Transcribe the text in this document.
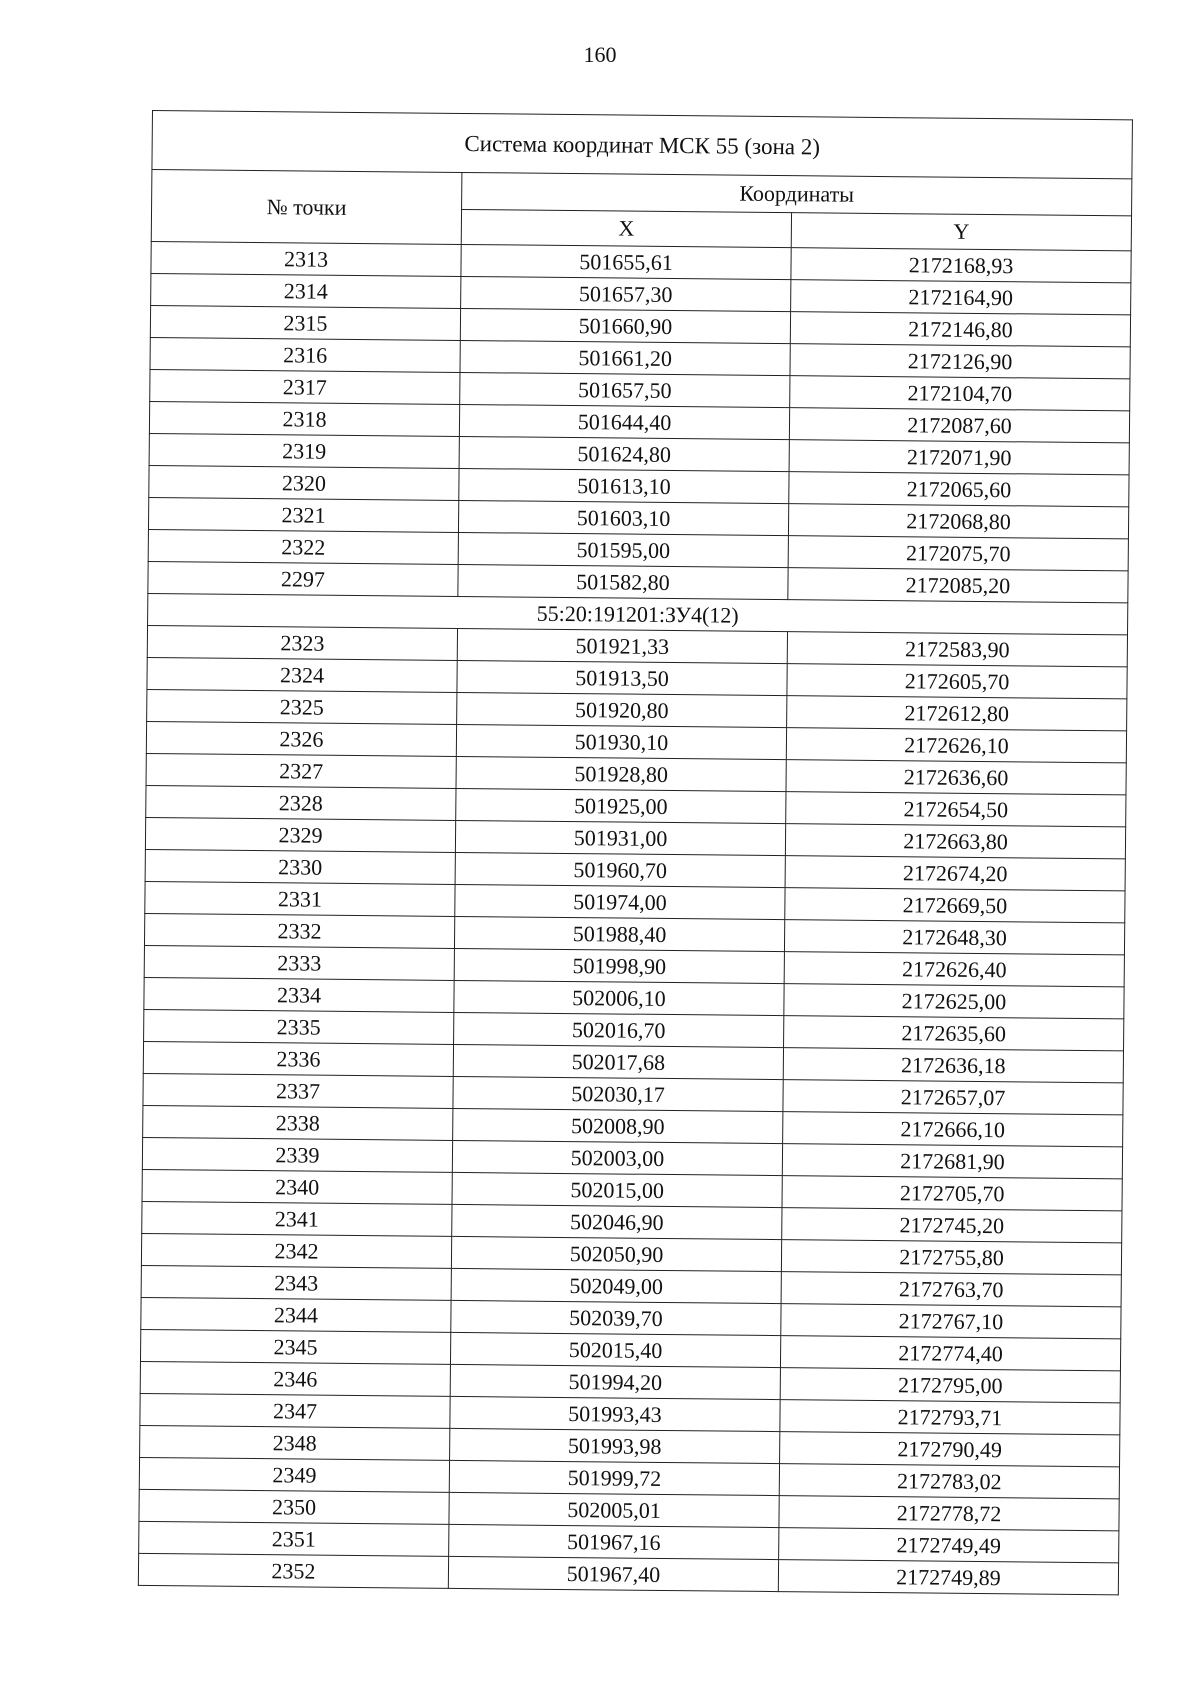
160
Система координат МСК 55 (зона 2)		
№ точки	Координаты	
	X	Y
2313	501655,61	2172168,93
2314	501657,30	2172164,90
2315	501660,90	2172146,80
2316	501661,20	2172126,90
2317	501657,50	2172104,70
2318	501644,40	2172087,60
2319	501624,80	2172071,90
2320	501613,10	2172065,60
2321	501603,10	2172068,80
2322	501595,00	2172075,70
2297	501582,80	2172085,20
55:20:191201:ЗУ4(12)		
2323	501921,33	2172583,90
2324	501913,50	2172605,70
2325	501920,80	2172612,80
2326	501930,10	2172626,10
2327	501928,80	2172636,60
2328	501925,00	2172654,50
2329	501931,00	2172663,80
2330	501960,70	2172674,20
2331	501974,00	2172669,50
2332	501988,40	2172648,30
2333	501998,90	2172626,40
2334	502006,10	2172625,00
2335	502016,70	2172635,60
2336	502017,68	2172636,18
2337	502030,17	2172657,07
2338	502008,90	2172666,10
2339	502003,00	2172681,90
2340	502015,00	2172705,70
2341	502046,90	2172745,20
2342	502050,90	2172755,80
2343	502049,00	2172763,70
2344	502039,70	2172767,10
2345	502015,40	2172774,40
2346	501994,20	2172795,00
2347	501993,43	2172793,71
2348	501993,98	2172790,49
2349	501999,72	2172783,02
2350	502005,01	2172778,72
2351	501967,16	2172749,49
2352	501967,40	2172749,89
